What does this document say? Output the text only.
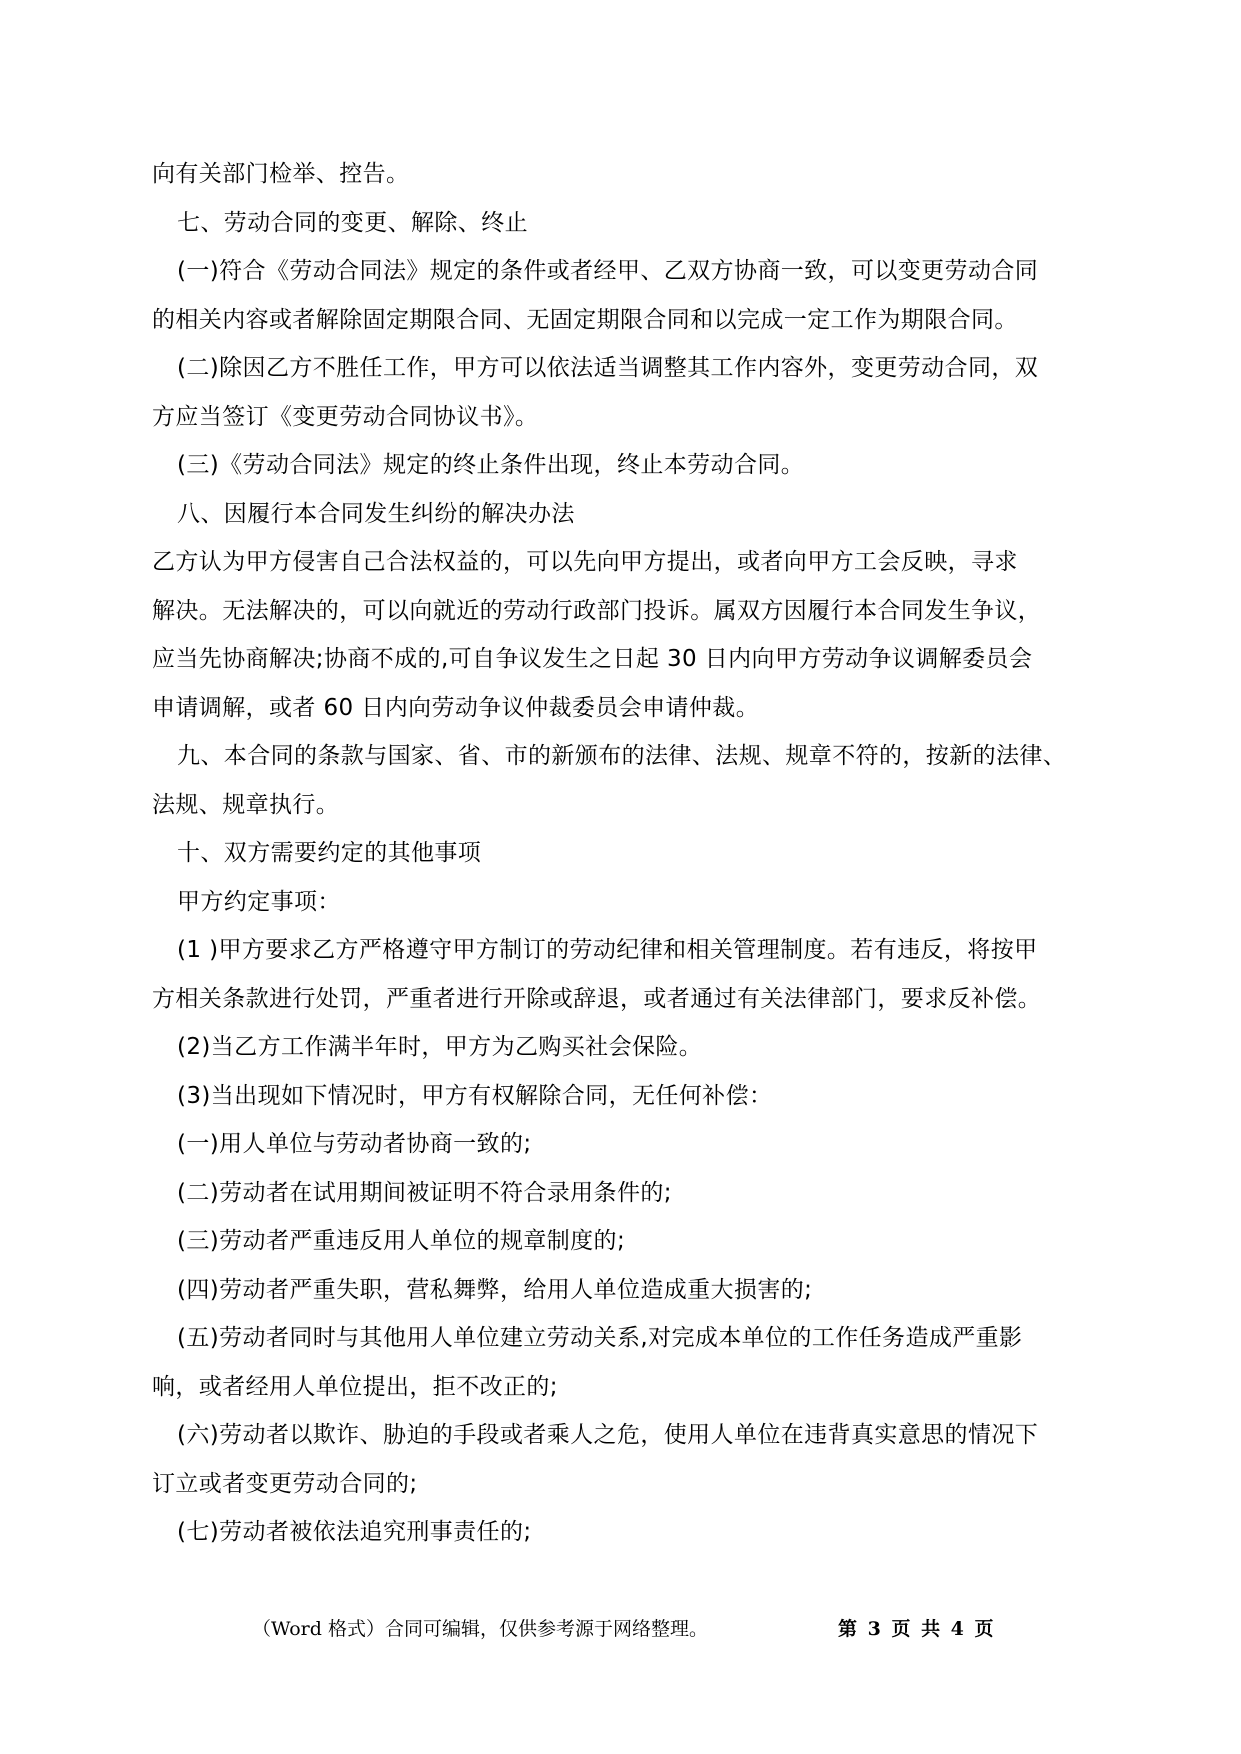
向有关部门检举、控告。

七、劳动合同的变更、解除、终止

(一)符合《劳动合同法》规定的条件或者经甲、乙双方协商一致，可以变更劳动合同

的相关内容或者解除固定期限合同、无固定期限合同和以完成一定工作为期限合同。

(二)除因乙方不胜任工作，甲方可以依法适当调整其工作内容外，变更劳动合同，双

方应当签订《变更劳动合同协议书》。

(三)《劳动合同法》规定的终止条件出现，终止本劳动合同。

八、因履行本合同发生纠纷的解决办法

乙方认为甲方侵害自己合法权益的，可以先向甲方提出，或者向甲方工会反映，寻求

解决。无法解决的，可以向就近的劳动行政部门投诉。属双方因履行本合同发生争议，

应当先协商解决;协商不成的,可自争议发生之日起 30 日内向甲方劳动争议调解委员会

申请调解，或者 60 日内向劳动争议仲裁委员会申请仲裁。

九、本合同的条款与国家、省、市的新颁布的法律、法规、规章不符的，按新的法律、

法规、规章执行。

十、双方需要约定的其他事项

甲方约定事项：

(1 )甲方要求乙方严格遵守甲方制订的劳动纪律和相关管理制度。若有违反，将按甲

方相关条款进行处罚，严重者进行开除或辞退，或者通过有关法律部门，要求反补偿。

(2)当乙方工作满半年时，甲方为乙购买社会保险。

(3)当出现如下情况时，甲方有权解除合同，无任何补偿：

(一)用人单位与劳动者协商一致的;

(二)劳动者在试用期间被证明不符合录用条件的;

(三)劳动者严重违反用人单位的规章制度的;

(四)劳动者严重失职，营私舞弊，给用人单位造成重大损害的;

(五)劳动者同时与其他用人单位建立劳动关系,对完成本单位的工作任务造成严重影

响，或者经用人单位提出，拒不改正的;

(六)劳动者以欺诈、胁迫的手段或者乘人之危，使用人单位在违背真实意思的情况下

订立或者变更劳动合同的;

(七)劳动者被依法追究刑事责任的;

（Word 格式）合同可编辑，仅供参考源于网络整理。	第 3 页 共 4 页
